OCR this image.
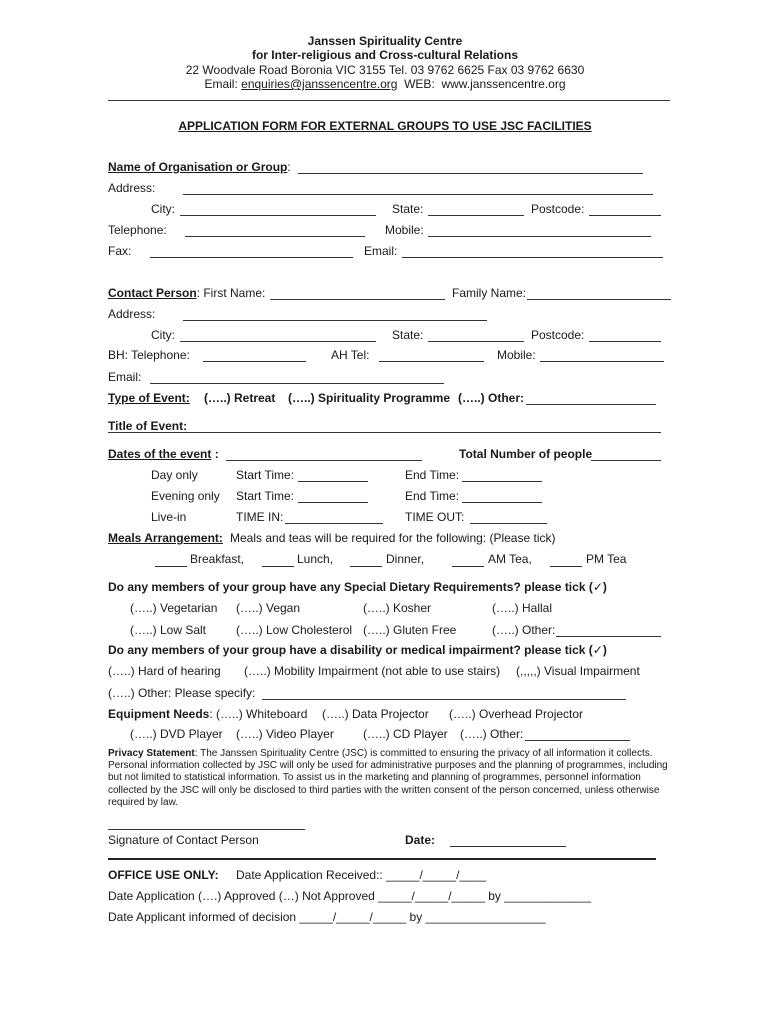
Janssen Spirituality Centre
for Inter-religious and Cross-cultural Relations
22 Woodvale Road Boronia VIC 3155 Tel. 03 9762 6625 Fax 03 9762 6630
Email: enquiries@janssencentre.org  WEB:  www.janssencentre.org
APPLICATION FORM FOR EXTERNAL GROUPS TO USE JSC FACILITIES
Name of Organisation or Group:
Address:
City:	State:	Postcode:
Telephone:	Mobile:
Fax:	Email:
Contact Person: First Name:	Family Name:
Address:
City:	State:	Postcode:
BH: Telephone:	AH Tel:	Mobile:
Email:
Type of Event: (…..) Retreat (…..) Spirituality Programme (…..) Other:
Title of Event:
Dates of the event :	Total Number of people
Day only	Start Time:	End Time:
Evening only Start Time:	End Time:
Live-in	TIME IN:	TIME OUT:
Meals Arrangement: Meals and teas will be required for the following: (Please tick)
Breakfast,	Lunch,	Dinner,	AM Tea,	PM Tea
Do any members of your group have any Special Dietary Requirements? please tick (✓)
(…..) Vegetarian (…..) Vegan	(…..) Kosher	(…..) Hallal
(…..) Low Salt (…..) Low Cholesterol (…..) Gluten Free	(…..) Other:
Do any members of your group have a disability or medical impairment? please tick (✓)
(…..) Hard of hearing (…..) Mobility Impairment (not able to use stairs) (,,,,,) Visual Impairment
(…..) Other: Please specify:
Equipment Needs: (…..) Whiteboard (…..) Data Projector (…..) Overhead Projector
(…..) DVD Player (…..) Video Player (…..) CD Player (…..) Other:
Privacy Statement: The Janssen Spirituality Centre (JSC) is committed to ensuring the privacy of all information it collects. Personal information collected by JSC will only be used for administrative purposes and the planning of programmes, including but not limited to statistical information. To assist us in the marketing and planning of programmes, personnel information collected by the JSC will only be disclosed to third parties with the written consent of the person concerned, unless otherwise required by law.
Signature of Contact Person	Date:
OFFICE USE ONLY: Date Application Received:: _____/_____/____
Date Application (….) Approved (…) Not Approved _____/_____/_____ by _____________
Date Applicant informed of decision _____/_____/_____ by __________________
